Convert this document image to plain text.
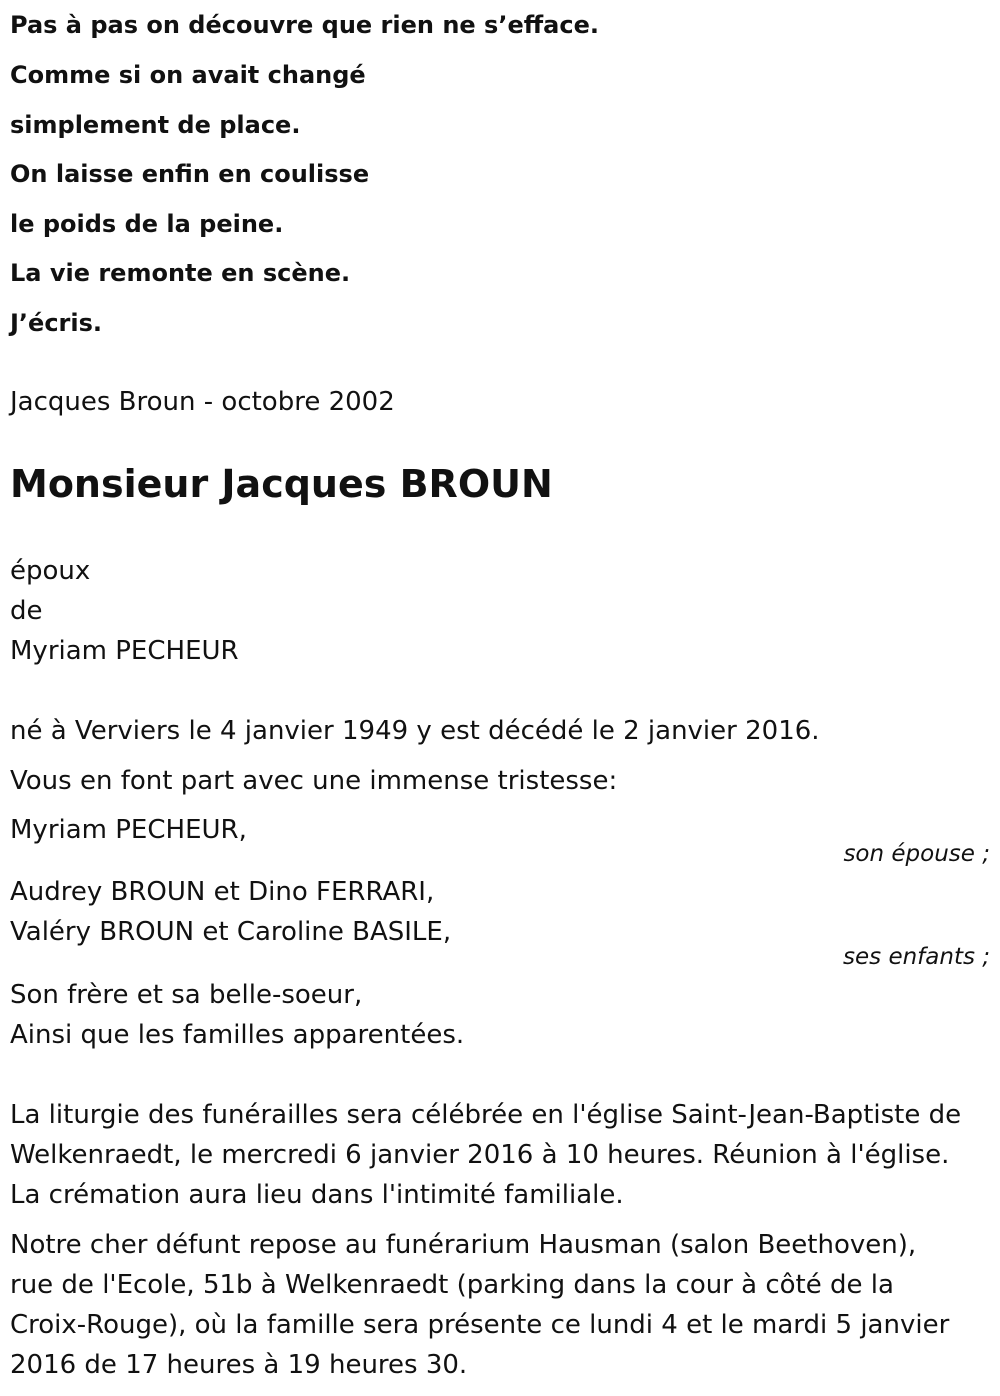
Pas à pas on découvre que rien ne s’efface.
Comme si on avait changé
simplement de place.
On laisse enfin en coulisse
le poids de la peine.
La vie remonte en scène.
J’écris.
Jacques Broun - octobre 2002
Monsieur Jacques BROUN
époux
de
Myriam PECHEUR
né à Verviers le 4 janvier 1949 y est décédé le 2 janvier 2016.
Vous en font part avec une immense tristesse:
Myriam PECHEUR,
son épouse ;
Audrey BROUN et Dino FERRARI,
Valéry BROUN et Caroline BASILE,
ses enfants ;
Son frère et sa belle-soeur,
Ainsi que les familles apparentées.
La liturgie des funérailles sera célébrée en l'église Saint-Jean-Baptiste de
Welkenraedt, le mercredi 6 janvier 2016 à 10 heures. Réunion à l'église.
La crémation aura lieu dans l'intimité familiale.
Notre cher défunt repose au funérarium Hausman (salon Beethoven),
rue de l'Ecole, 51b à Welkenraedt (parking dans la cour à côté de la
Croix-Rouge), où la famille sera présente ce lundi 4 et le mardi 5 janvier
2016 de 17 heures à 19 heures 30.
